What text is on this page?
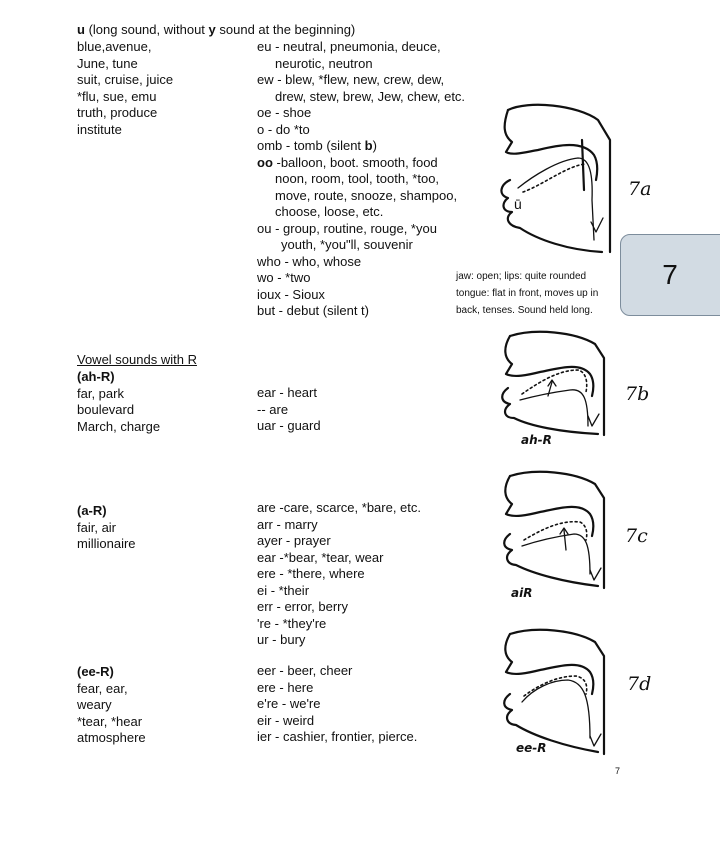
u (long sound, without y sound at the beginning)
blue,avenue,
June, tune
suit, cruise, juice
*flu, sue, emu
truth, produce
institute
eu - neutral, pneumonia, deuce,
neurotic, neutron
ew - blew, *flew, new, crew, dew,
drew, stew, brew, Jew, chew, etc.
oe - shoe
o - do *to
omb - tomb (silent b)
oo -balloon, boot. smooth, food
noon, room, tool, tooth, *too,
move, route, snooze, shampoo,
choose, loose, etc.
ou - group, routine, rouge, *you
youth, *you"ll, souvenir
who - who, whose
wo - *two
ioux - Sioux
but - debut (silent t)
jaw: open; lips: quite rounded
tongue: flat in front, moves up in
back, tenses. Sound held long.
ū
7a
7
Vowel sounds with R
(ah-R)
far, park
boulevard
March, charge
ear - heart
-- are
uar - guard
ah-R
7b
(a-R)
fair, air
millionaire
are -care, scarce, *bare, etc.
arr - marry
ayer - prayer
ear -*bear, *tear, wear
ere - *there, where
ei - *their
err - error, berry
're - *they're
ur - bury
aiR
7c
(ee-R)
fear, ear,
weary
*tear, *hear
atmosphere
eer - beer, cheer
ere - here
e're - we're
eir - weird
ier - cashier, frontier, pierce.
ee-R
7d
7
